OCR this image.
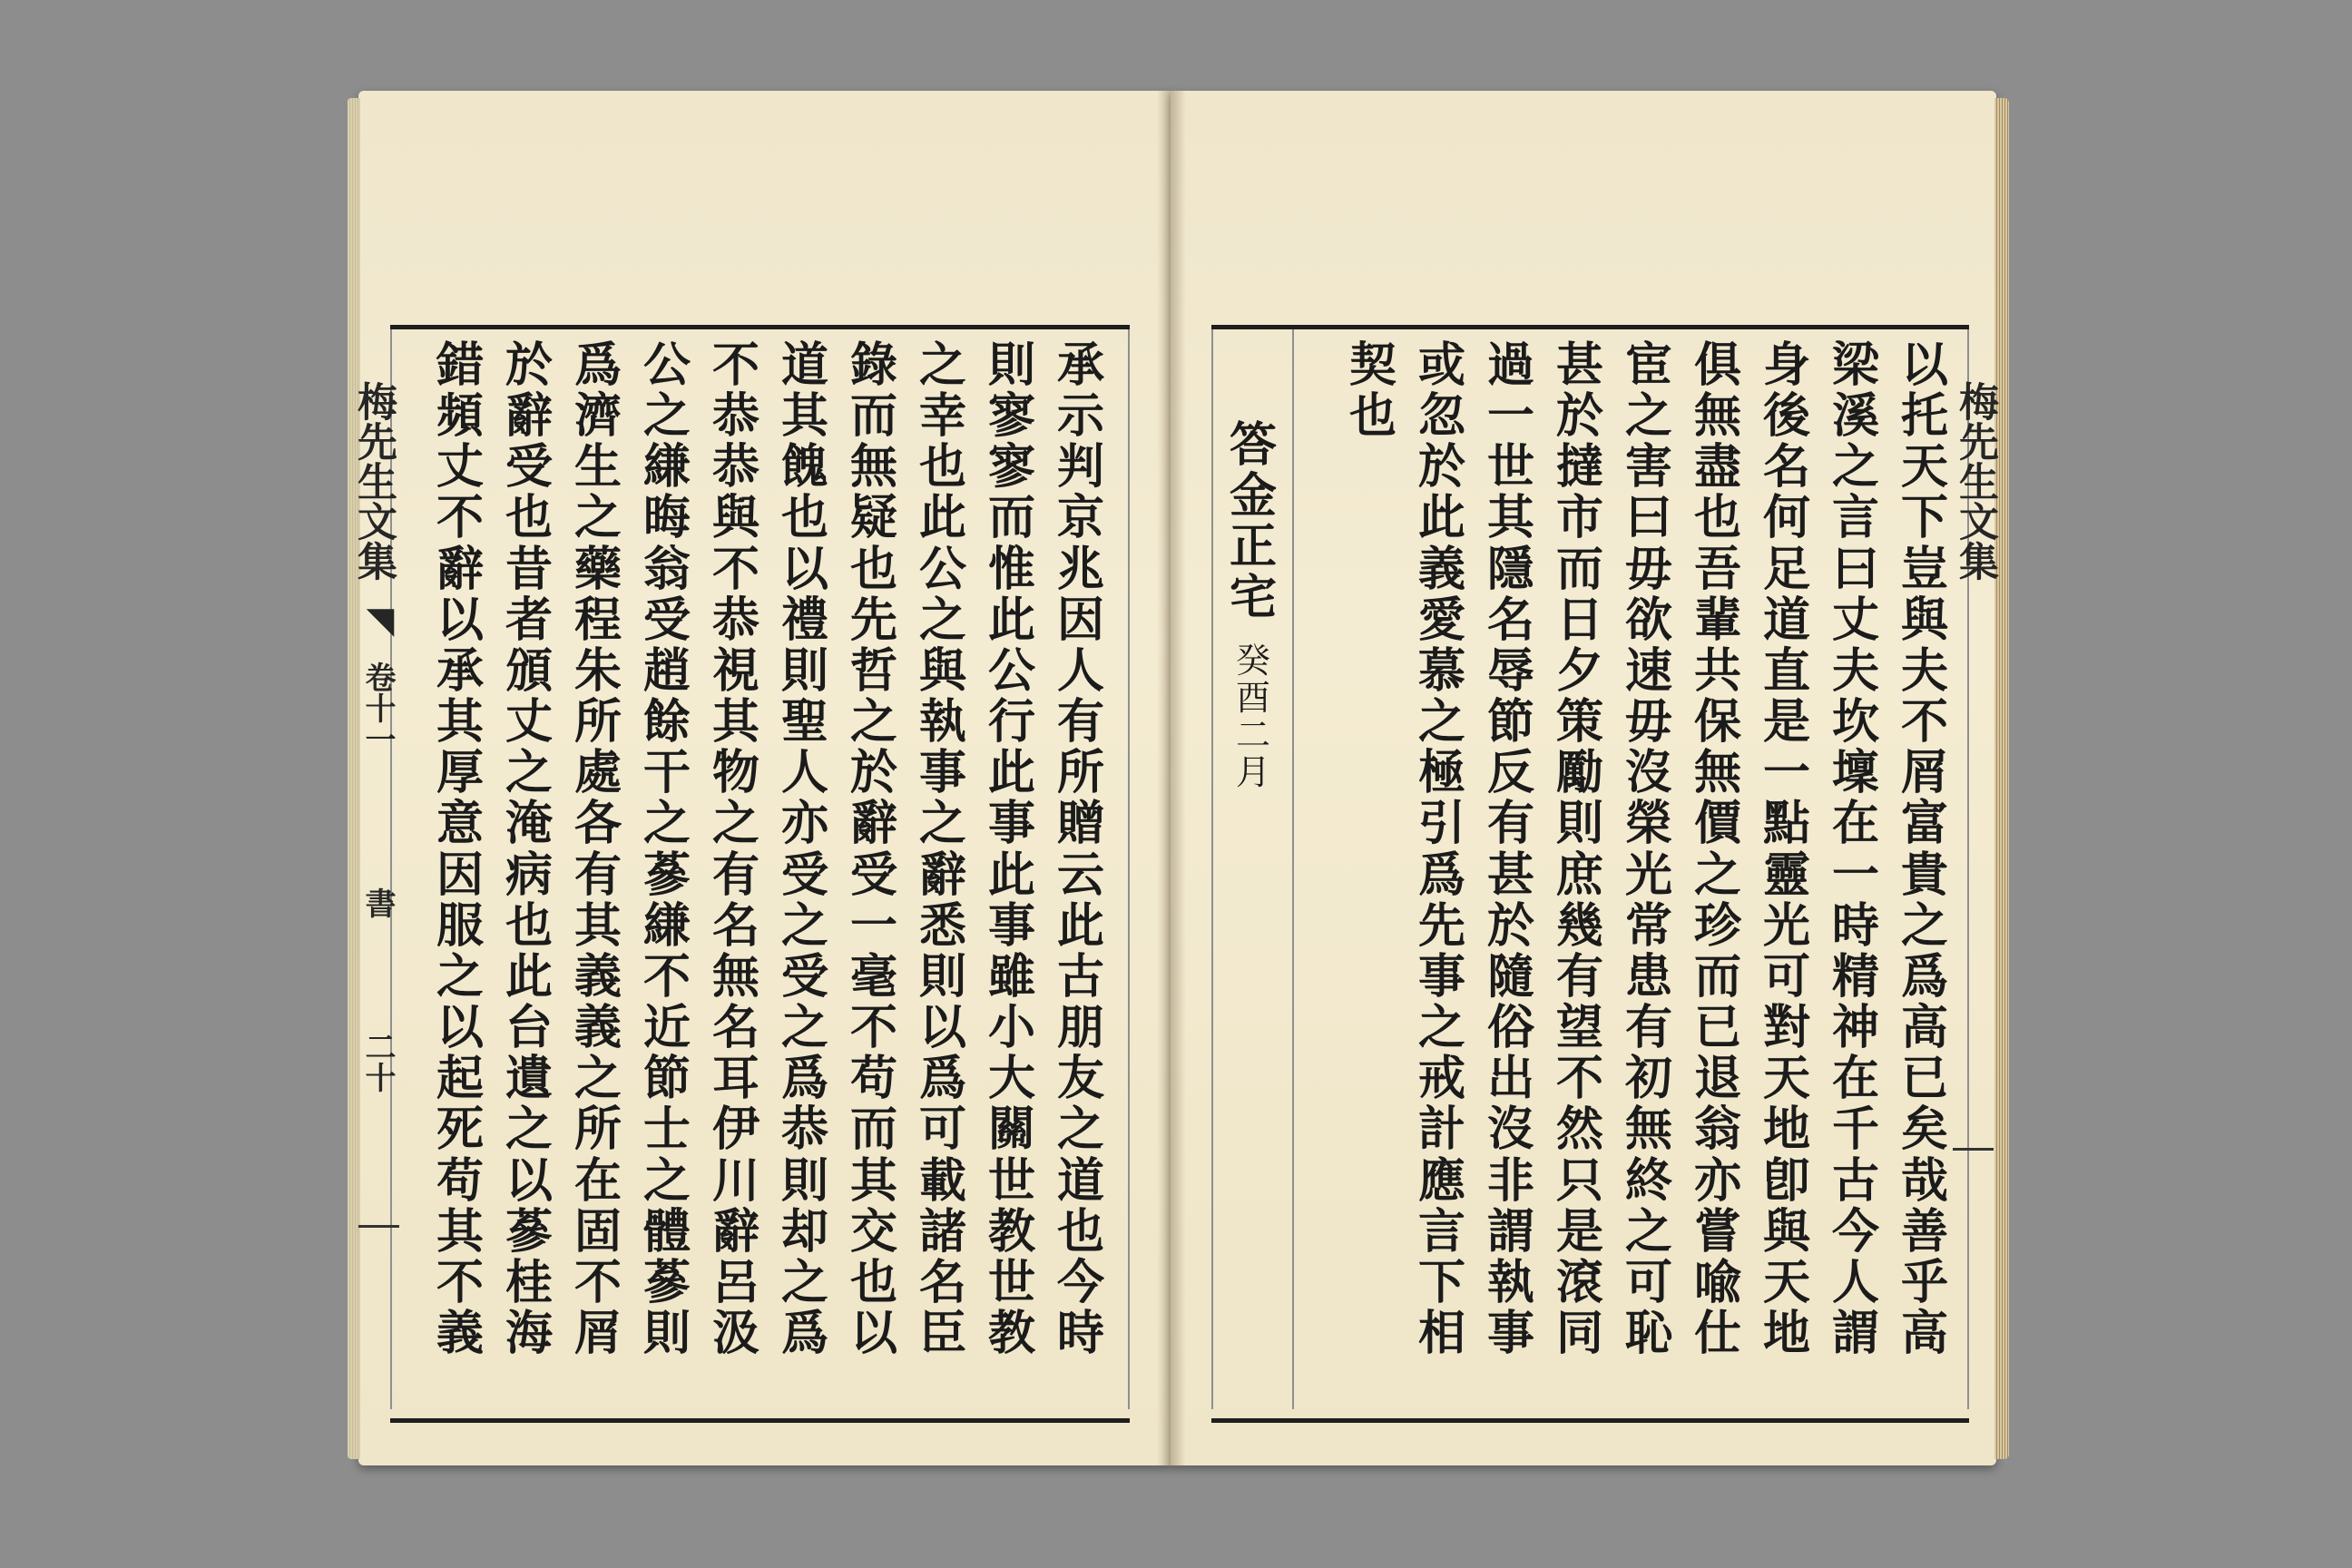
承示判京兆因人有所贈云此古朋友之道也今時
則寥寥而惟此公行此事此事雖小大關世教世教
之幸也此公之與執事之辭悉則以爲可載諸名臣
錄而無疑也先哲之於辭受一毫不苟而其交也以
道其餽也以禮則聖人亦受之受之爲恭則却之爲
不恭恭與不恭視其物之有名無名耳伊川辭呂汲
公之縑晦翁受趙餘干之蔘縑不近節士之體蔘則
爲濟生之藥程朱所處各有其義義之所在固不屑
於辭受也昔者頒丈之淹病也此台遺之以蔘桂海
錯頻丈不辭以承其厚意因服之以起死苟其不義
梅先生文集
◥
卷十一
書
二十
以托天下豈與夫不屑富貴之爲高已矣哉善乎高
梁溪之言曰丈夫坎壈在一時精神在千古今人謂
身後名何足道直是一點靈光可對天地卽與天地
俱無盡也吾輩共保無價之珍而已退翁亦嘗喩仕
宦之害曰毋欲速毋沒榮光常患有初無終之可恥
甚於撻市而日夕策勵則庶幾有望不然只是滾同
過一世其隱名辱節反有甚於隨俗出沒非謂執事
或忽於此義愛慕之極引爲先事之戒計應言下相
契也
答金正宅
癸酉二月
梅先生文集
